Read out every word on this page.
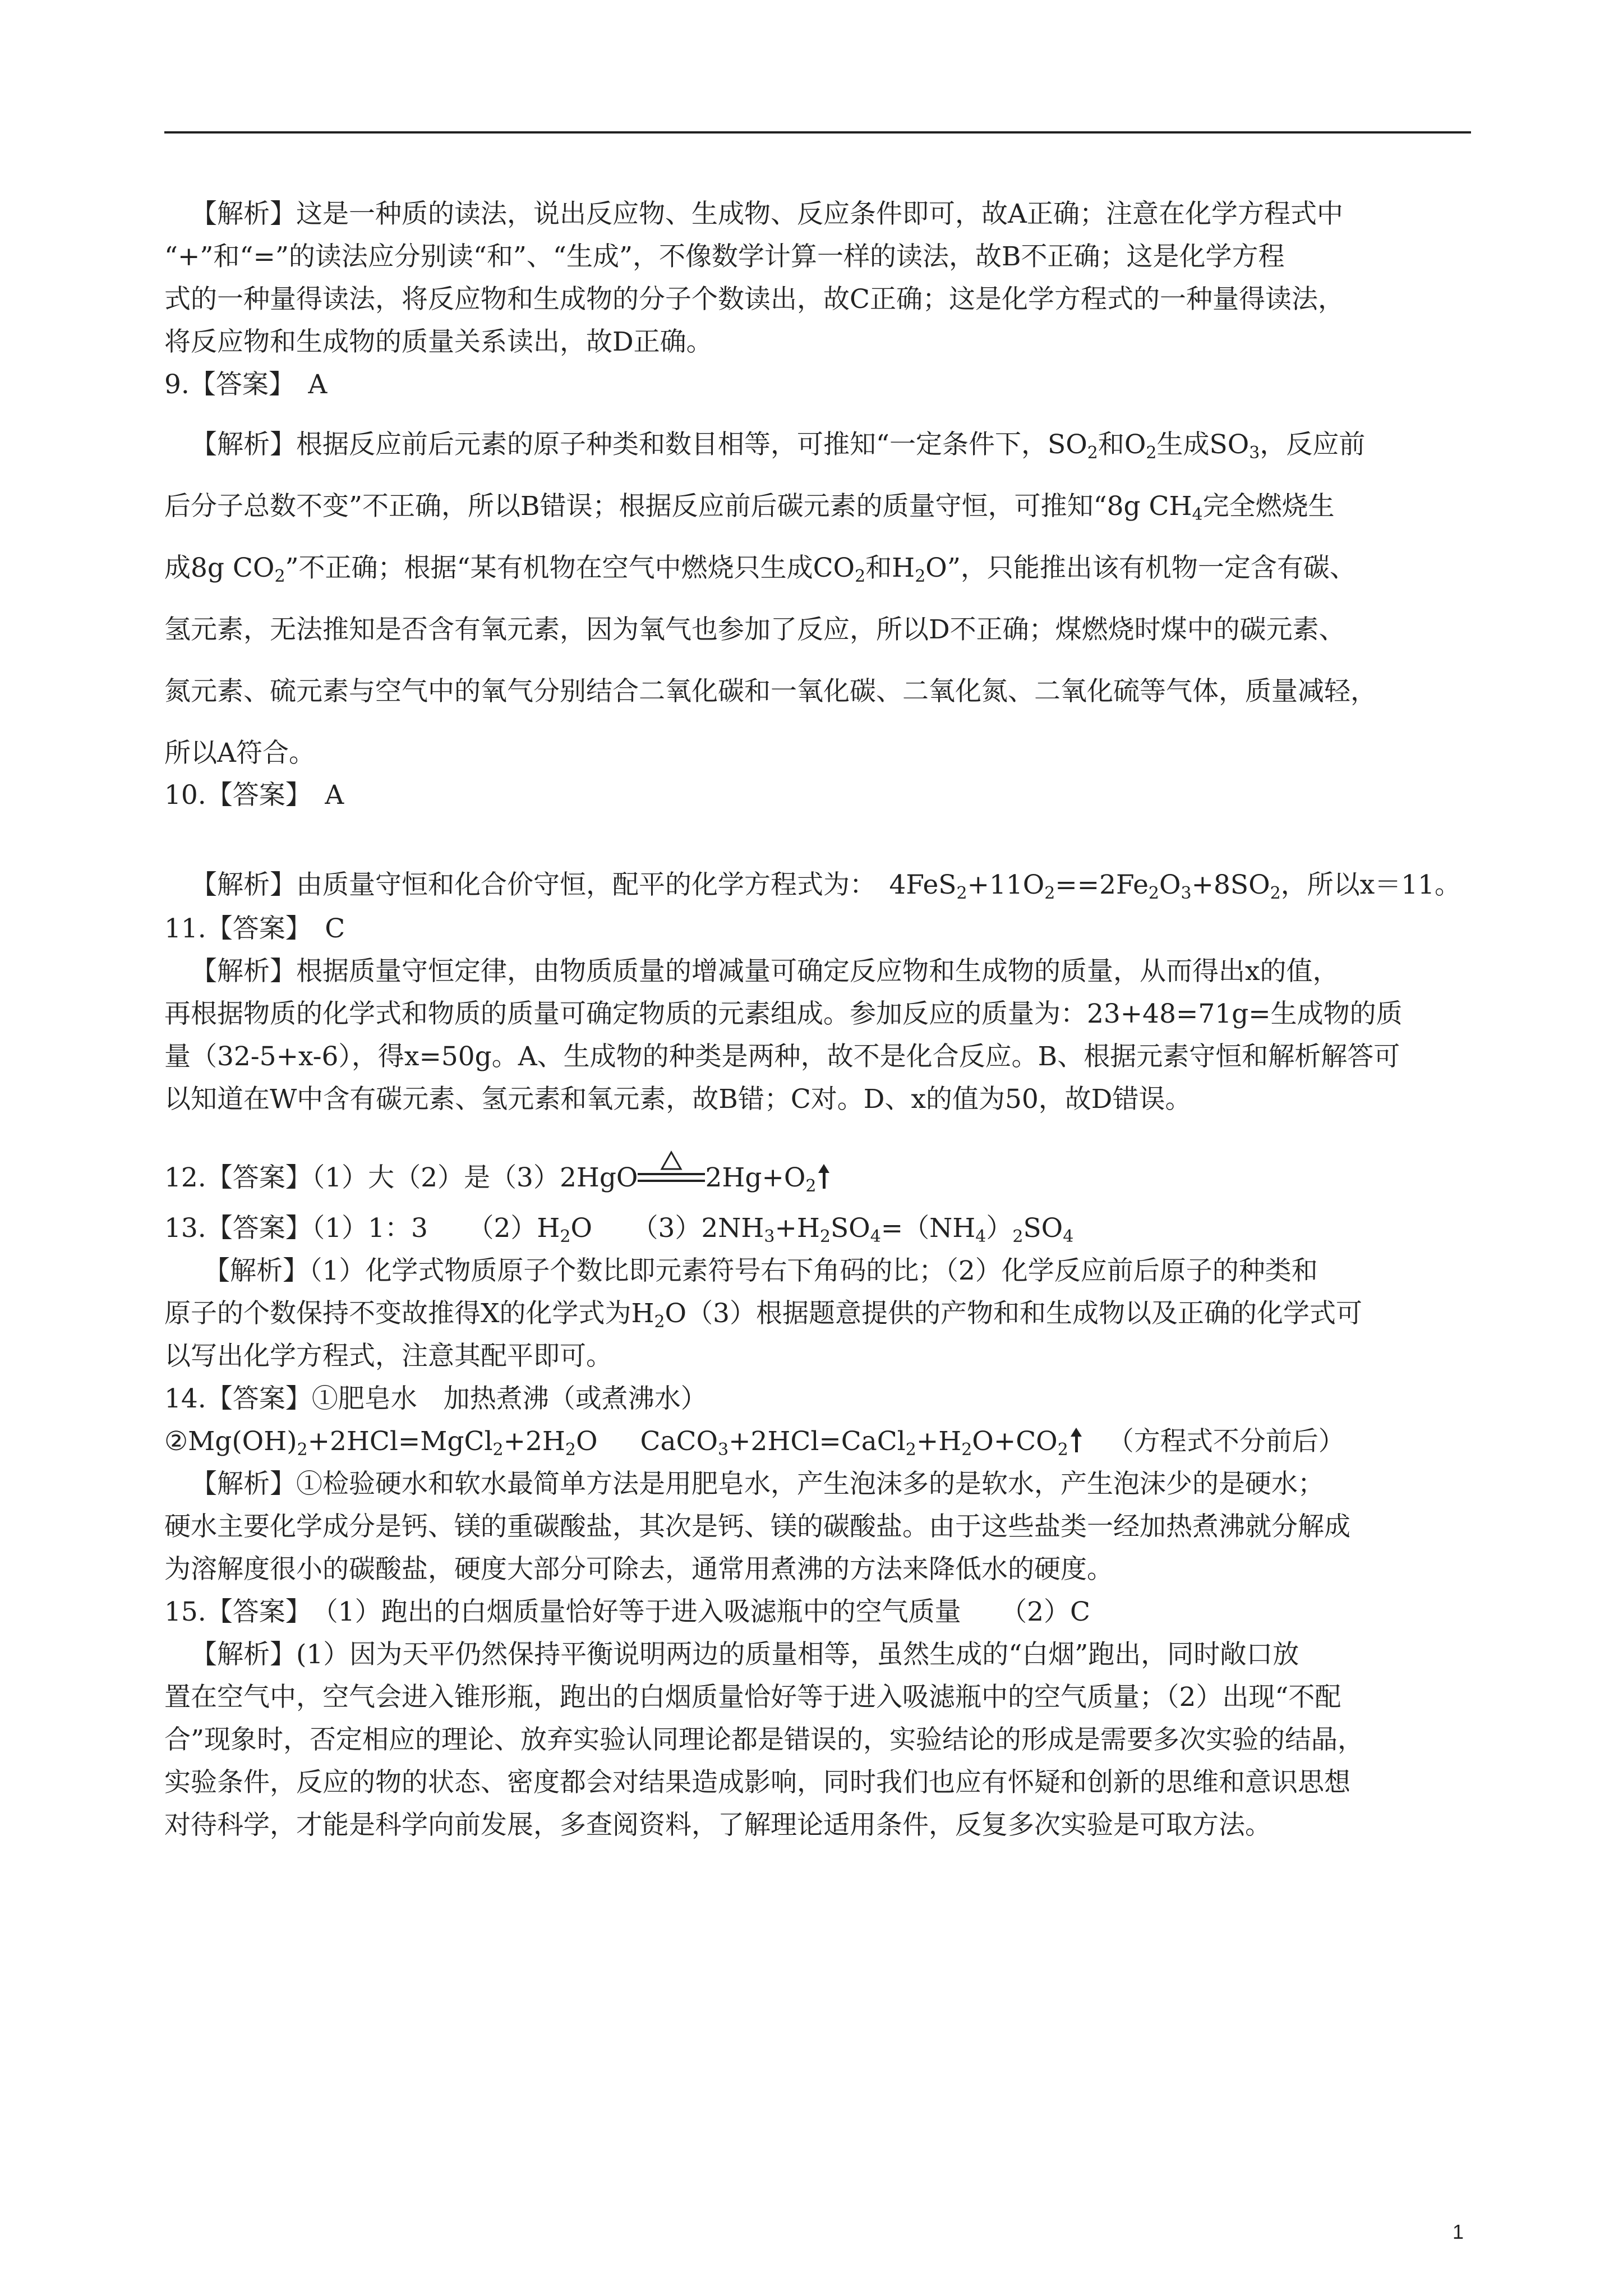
【解析】这是一种质的读法，说出反应物、生成物、反应条件即可，故A正确；注意在化学方程式中

“+”和“=”的读法应分别读“和”、“生成”，不像数学计算一样的读法，故B不正确；这是化学方程

式的一种量得读法，将反应物和生成物的分子个数读出，故C正确；这是化学方程式的一种量得读法，

将反应物和生成物的质量关系读出，故D正确。

9.【答案】　A

【解析】根据反应前后元素的原子种类和数目相等，可推知“一定条件下，$SO_2$和$O_2$生成$SO_3$，反应前

后分子总数不变”不正确，所以B错误；根据反应前后碳元素的质量守恒，可推知“8g $CH_4$完全燃烧生

成8g $CO_2$”不正确；根据“某有机物在空气中燃烧只生成$CO_2$和$H_2O$”，只能推出该有机物一定含有碳、

氢元素，无法推知是否含有氧元素，因为氧气也参加了反应，所以D不正确；煤燃烧时煤中的碳元素、

氮元素、硫元素与空气中的氧气分别结合二氧化碳和一氧化碳、二氧化氮、二氧化硫等气体，质量减轻，

所以A符合。

10.【答案】　A

【解析】由质量守恒和化合价守恒，配平的化学方程式为：　$4FeS_2+11O_2==2Fe_2O_3+8SO_2$，所以x＝11。

11.【答案】　C

【解析】根据质量守恒定律，由物质质量的增减量可确定反应物和生成物的质量，从而得出x的值，

再根据物质的化学式和物质的质量可确定物质的元素组成。参加反应的质量为：23+48=71g=生成物的质

量（32-5+x-6），得x=50g。A、生成物的种类是两种，故不是化合反应。B、根据元素守恒和解析解答可

以知道在W中含有碳元素、氢元素和氧元素，故B错；C对。D、x的值为50，故D错误。

12.【答案】（1）大（2）是（3）2HgO	$2Hg+O_2$
13.【答案】（1）1：3　　$(2)H_2O$　　$(3)2NH_3+H_2SO_4=(NH_4)_2SO_4$

【解析】（1）化学式物质原子个数比即元素符号右下角码的比；（2）化学反应前后原子的种类和

原子的个数保持不变故推得X的化学式为$H_2O(3)$根据题意提供的产物和和生成物以及正确的化学式可

以写出化学方程式，注意其配平即可。

14.【答案】①肥皂水　加热煮沸（或煮沸水）
$②Mg(OH)_2+2HCl=MgCl_2+2H_2O$ $CaCO_3+2HCl=CaCl_2+H_2O+CO_2$ （方程式不分前后）

【解析】①检验硬水和软水最简单方法是用肥皂水，产生泡沫多的是软水，产生泡沫少的是硬水；

硬水主要化学成分是钙、镁的重碳酸盐，其次是钙、镁的碳酸盐。由于这些盐类一经加热煮沸就分解成

为溶解度很小的碳酸盐，硬度大部分可除去，通常用煮沸的方法来降低水的硬度。

15.【答案】　（1）跑出的白烟质量恰好等于进入吸滤瓶中的空气质量　　（2）C

【解析】(1）因为天平仍然保持平衡说明两边的质量相等，虽然生成的“白烟”跑出，同时敞口放

置在空气中，空气会进入锥形瓶，跑出的白烟质量恰好等于进入吸滤瓶中的空气质量；（2）出现“不配

合”现象时，否定相应的理论、放弃实验认同理论都是错误的，实验结论的形成是需要多次实验的结晶，

实验条件，反应的物的状态、密度都会对结果造成影响，同时我们也应有怀疑和创新的思维和意识思想

对待科学，才能是科学向前发展，多查阅资料，了解理论适用条件，反复多次实验是可取方法。

1
